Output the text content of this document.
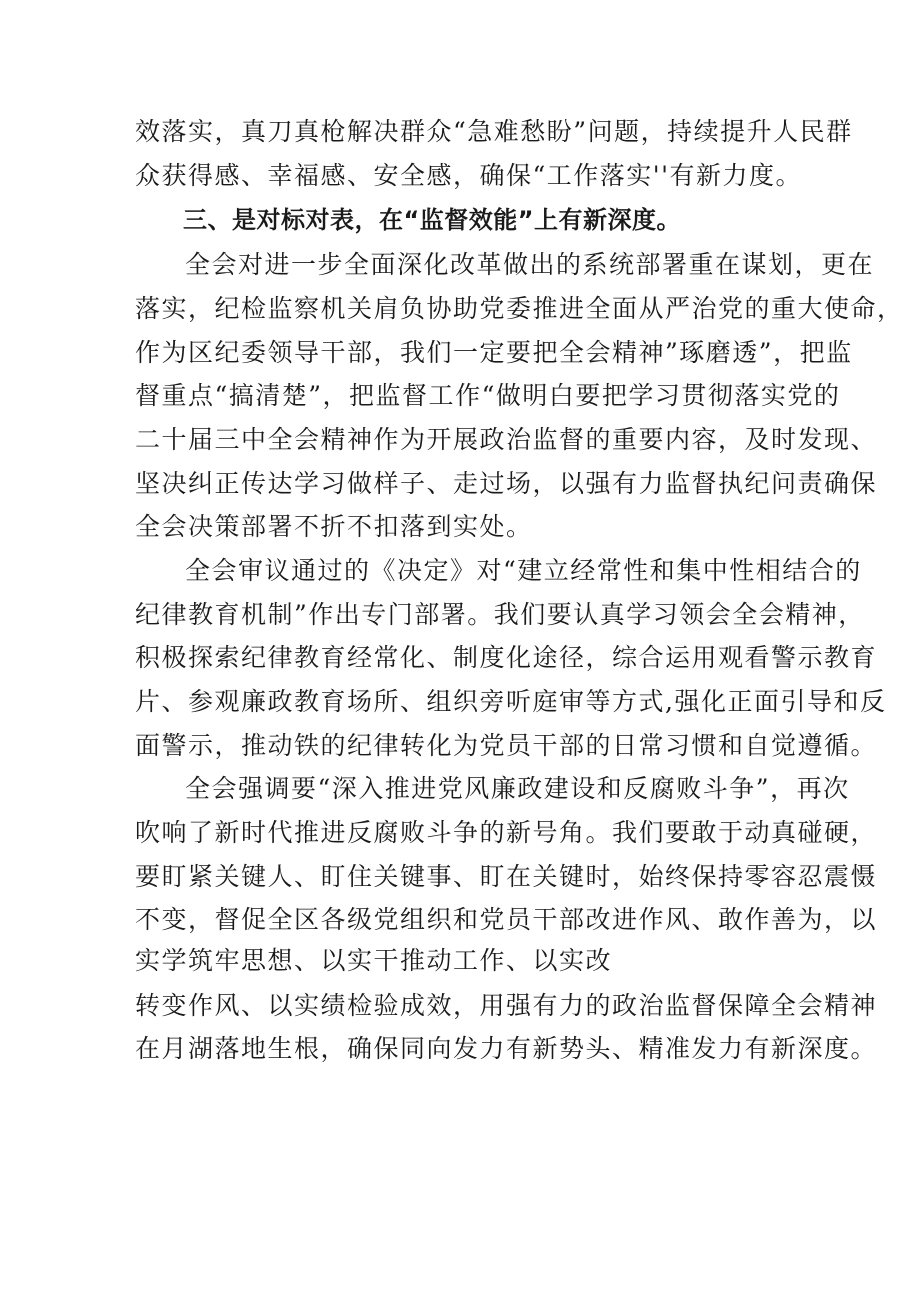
效落实，真刀真枪解决群众“急难愁盼”问题，持续提升人民群
众获得感、幸福感、安全感，确保“工作落实''有新力度。
三、是对标对表，在“监督效能”上有新深度。
全会对进一步全面深化改革做出的系统部署重在谋划，更在
落实，纪检监察机关肩负协助党委推进全面从严治党的重大使命，
作为区纪委领导干部，我们一定要把全会精神”琢磨透”，把监
督重点“搞清楚”，把监督工作“做明白要把学习贯彻落实党的
二十届三中全会精神作为开展政治监督的重要内容，及时发现、
坚决纠正传达学习做样子、走过场，以强有力监督执纪问责确保
全会决策部署不折不扣落到实处。
全会审议通过的《决定》对“建立经常性和集中性相结合的
纪律教育机制”作出专门部署。我们要认真学习领会全会精神，
积极探索纪律教育经常化、制度化途径，综合运用观看警示教育
片、参观廉政教育场所、组织旁听庭审等方式,强化正面引导和反
面警示，推动铁的纪律转化为党员干部的日常习惯和自觉遵循。
全会强调要“深入推进党风廉政建设和反腐败斗争”，再次
吹响了新时代推进反腐败斗争的新号角。我们要敢于动真碰硬，
要盯紧关键人、盯住关键事、盯在关键时，始终保持零容忍震慑
不变，督促全区各级党组织和党员干部改进作风、敢作善为，以
实学筑牢思想、以实干推动工作、以实改
转变作风、以实绩检验成效，用强有力的政治监督保障全会精神
在月湖落地生根，确保同向发力有新势头、精准发力有新深度。
